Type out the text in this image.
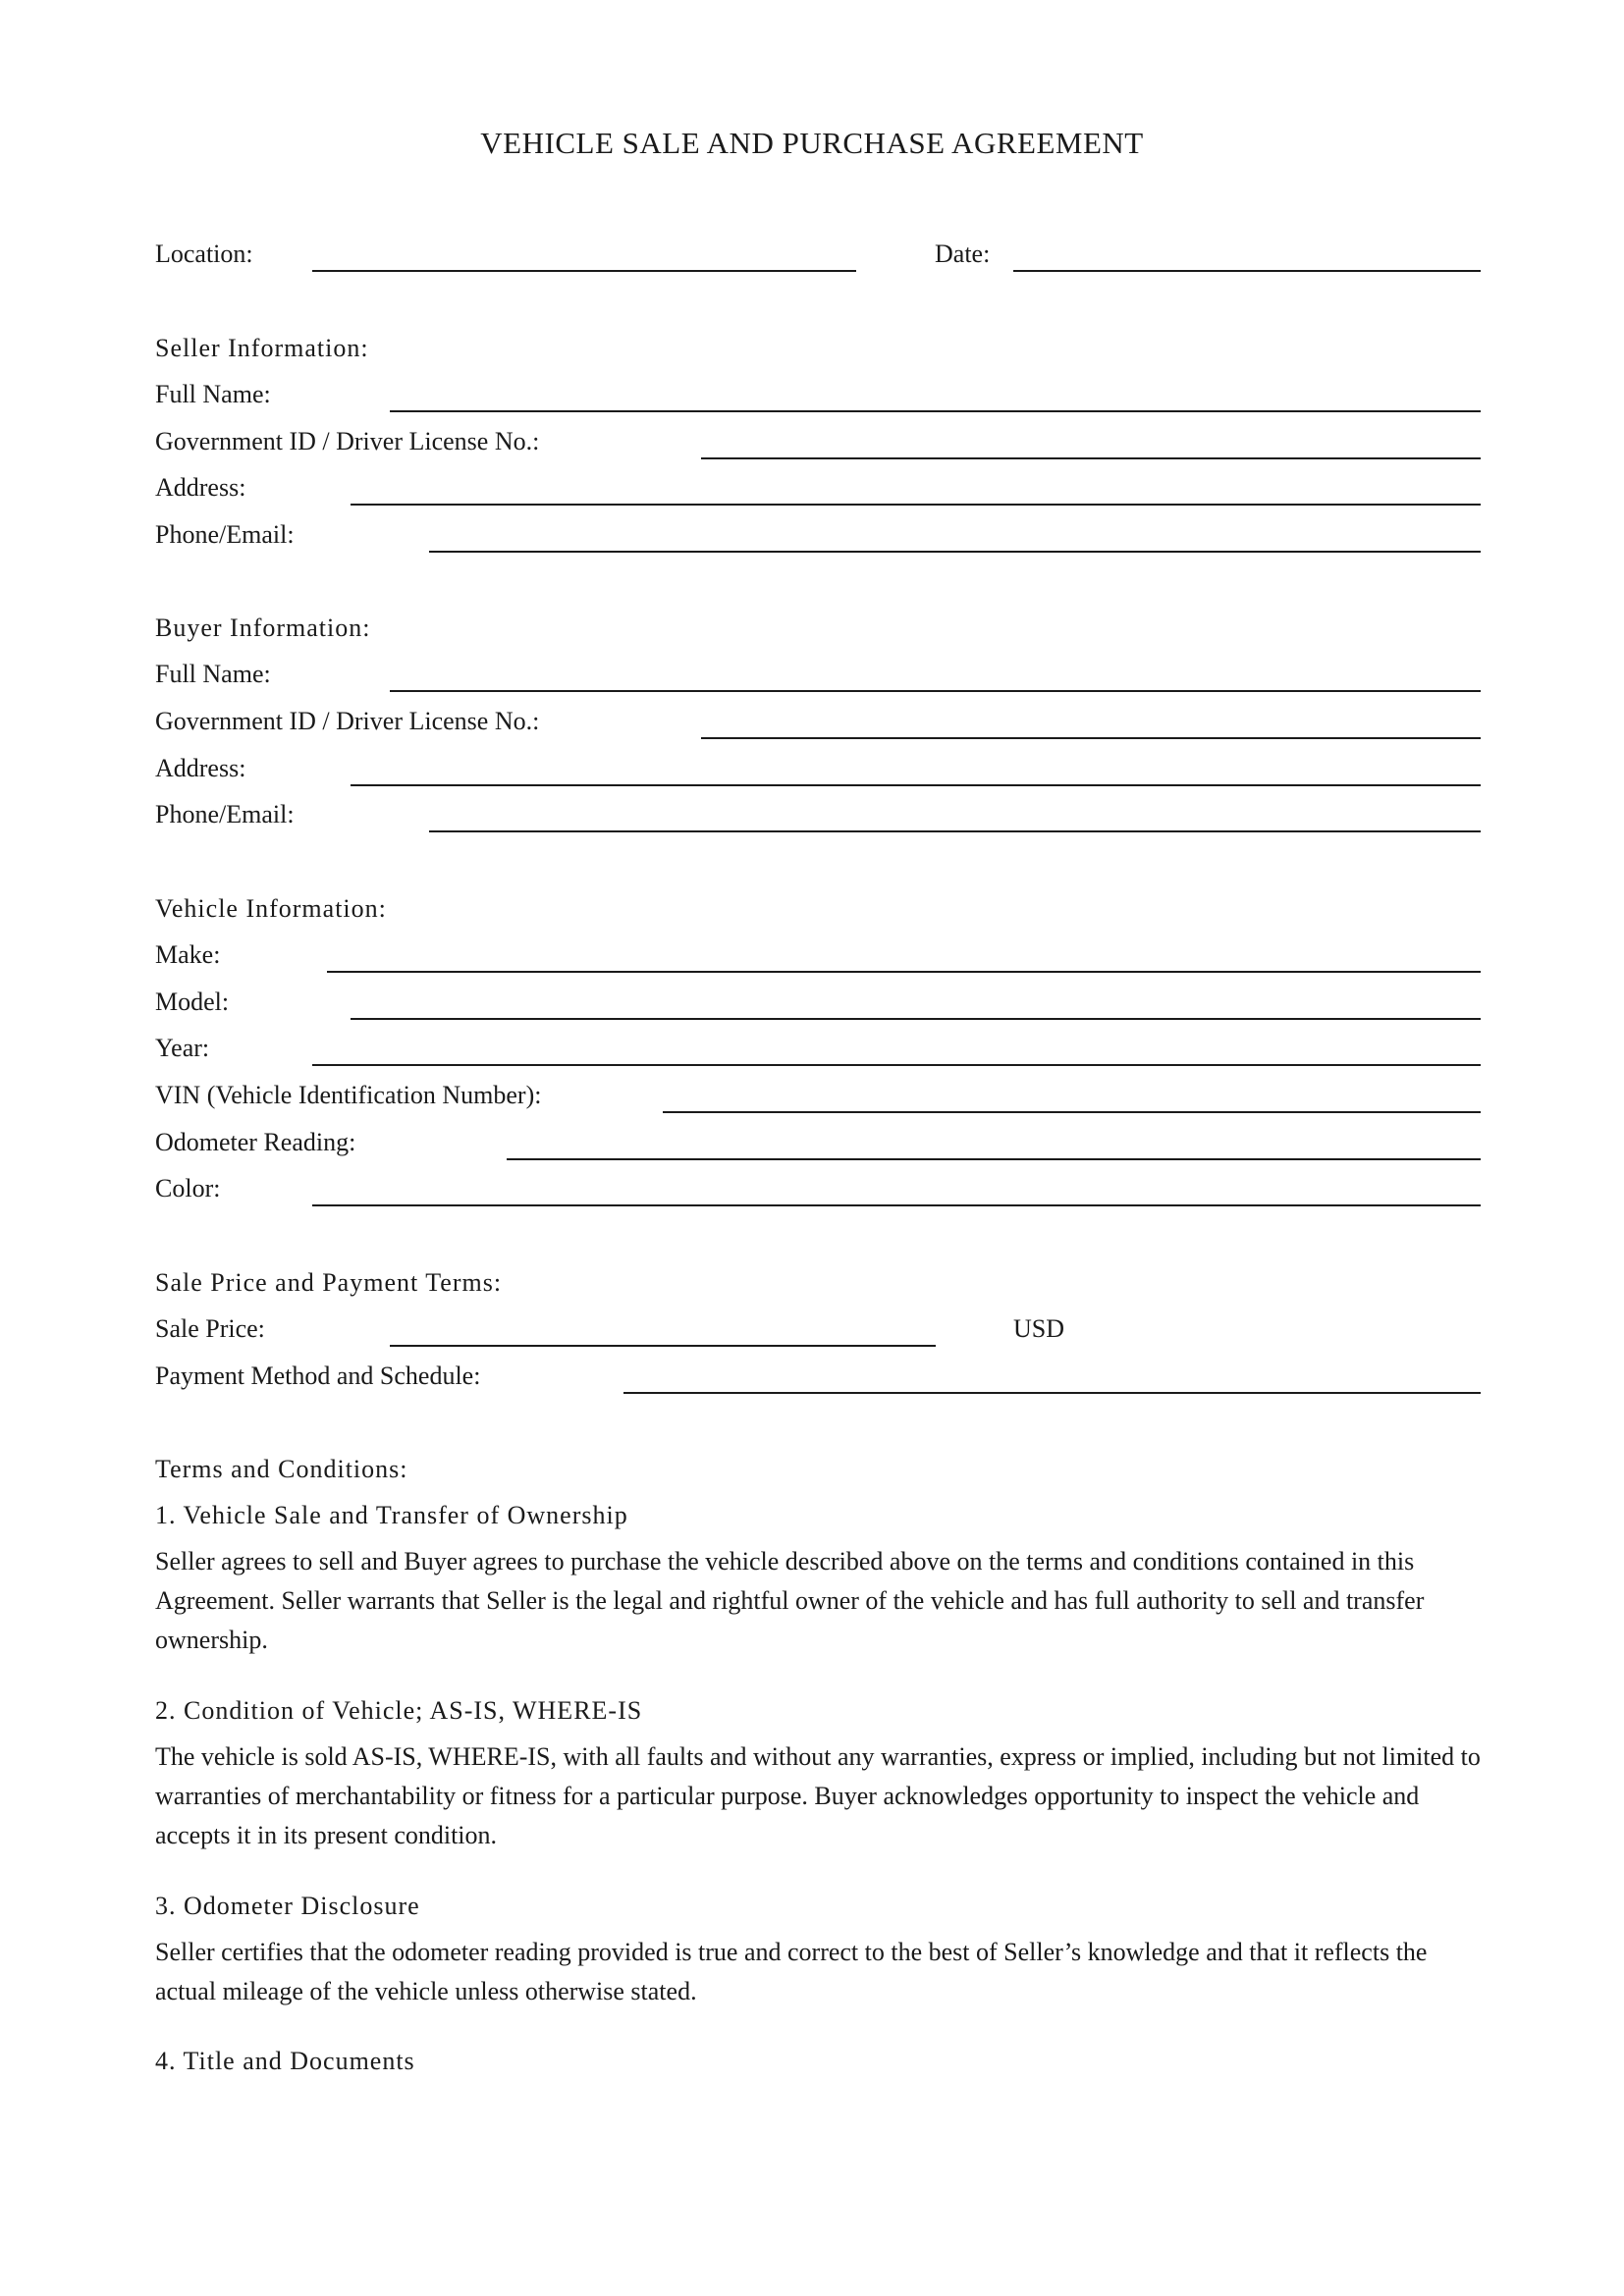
VEHICLE SALE AND PURCHASE AGREEMENT
Location:	Date:
Seller Information:
Full Name:
Government ID / Driver License No.:
Address:
Phone/Email:
Buyer Information:
Full Name:
Government ID / Driver License No.:
Address:
Phone/Email:
Vehicle Information:
Make:
Model:
Year:
VIN (Vehicle Identification Number):
Odometer Reading:
Color:
Sale Price and Payment Terms:
Sale Price:	USD
Payment Method and Schedule:
Terms and Conditions:
1. Vehicle Sale and Transfer of Ownership

Seller agrees to sell and Buyer agrees to purchase the vehicle described above on the terms and conditions contained in this Agreement. Seller warrants that Seller is the legal and rightful owner of the vehicle and has full authority to sell and transfer ownership.

2. Condition of Vehicle; AS-IS, WHERE-IS

The vehicle is sold AS-IS, WHERE-IS, with all faults and without any warranties, express or implied, including but not limited to warranties of merchantability or fitness for a particular purpose. Buyer acknowledges opportunity to inspect the vehicle and accepts it in its present condition.

3. Odometer Disclosure

Seller certifies that the odometer reading provided is true and correct to the best of Seller’s knowledge and that it reflects the actual mileage of the vehicle unless otherwise stated.

4. Title and Documents
